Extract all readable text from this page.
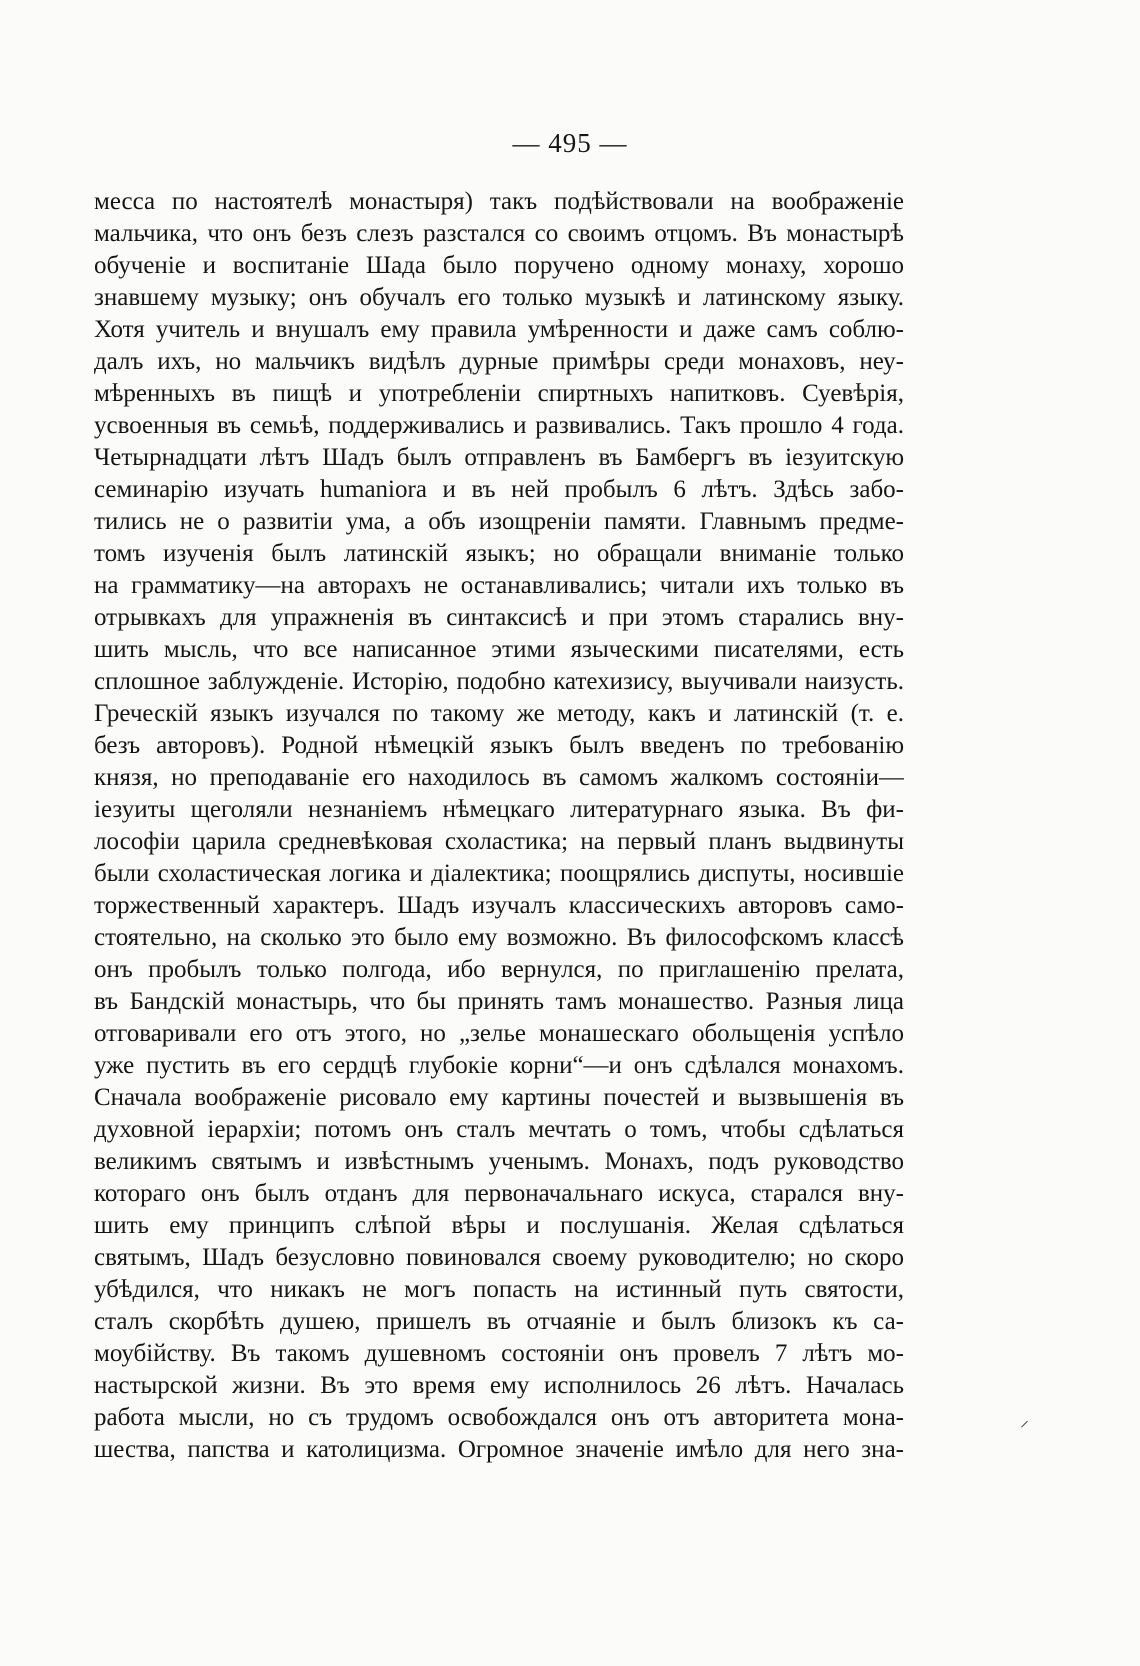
— 495 —
месса по настоятелѣ монастыря) такъ подѣйствовали на воображеніе
мальчика, что онъ безъ слезъ разстался со своимъ отцомъ. Въ монастырѣ
обученіе и воспитаніе Шада было поручено одному монаху, хорошо
знавшему музыку; онъ обучалъ его только музыкѣ и латинскому языку.
Хотя учитель и внушалъ ему правила умѣренности и даже самъ соблю-
далъ ихъ, но мальчикъ видѣлъ дурные примѣры среди монаховъ, неу-
мѣренныхъ въ пищѣ и употребленіи спиртныхъ напитковъ. Суевѣрія,
усвоенныя въ семьѣ, поддерживались и развивались. Такъ прошло 4 года.
Четырнадцати лѣтъ Шадъ былъ отправленъ въ Бамбергъ въ іезуитскую
семинарію изучать humaniora и въ ней пробылъ 6 лѣтъ. Здѣсь забо-
тились не о развитіи ума, а объ изощреніи памяти. Главнымъ предме-
томъ изученія былъ латинскій языкъ; но обращали вниманіе только
на грамматику—на авторахъ не останавливались; читали ихъ только въ
отрывкахъ для упражненія въ синтаксисѣ и при этомъ старались вну-
шить мысль, что все написанное этими языческими писателями, есть
сплошное заблужденіе. Исторію, подобно катехизису, выучивали наизусть.
Греческій языкъ изучался по такому же методу, какъ и латинскій (т. е.
безъ авторовъ). Родной нѣмецкій языкъ былъ введенъ по требованію
князя, но преподаваніе его находилось въ самомъ жалкомъ состояніи—
іезуиты щеголяли незнаніемъ нѣмецкаго литературнаго языка. Въ фи-
лософіи царила средневѣковая схоластика; на первый планъ выдвинуты
были схоластическая логика и діалектика; поощрялись диспуты, носившіе
торжественный характеръ. Шадъ изучалъ классическихъ авторовъ само-
стоятельно, на сколько это было ему возможно. Въ философскомъ классѣ
онъ пробылъ только полгода, ибо вернулся, по приглашенію прелата,
въ Бандскій монастырь, что бы принять тамъ монашество. Разныя лица
отговаривали его отъ этого, но „зелье монашескаго обольщенія успѣло
уже пустить въ его сердцѣ глубокіе корни“—и онъ сдѣлался монахомъ.
Сначала воображеніе рисовало ему картины почестей и вызвышенія въ
духовной іерархіи; потомъ онъ сталъ мечтать о томъ, чтобы сдѣлаться
великимъ святымъ и извѣстнымъ ученымъ. Монахъ, подъ руководство
котораго онъ былъ отданъ для первоначальнаго искуса, старался вну-
шить ему принципъ слѣпой вѣры и послушанія. Желая сдѣлаться
святымъ, Шадъ безусловно повиновался своему руководителю; но скоро
убѣдился, что никакъ не могъ попасть на истинный путь святости,
сталъ скорбѣть душею, пришелъ въ отчаяніе и былъ близокъ къ са-
моубійству. Въ такомъ душевномъ состояніи онъ провелъ 7 лѣтъ мо-
настырской жизни. Въ это время ему исполнилось 26 лѣтъ. Началась
работа мысли, но съ трудомъ освобождался онъ отъ авторитета мона-
шества, папства и католицизма. Огромное значеніе имѣло для него зна-
⸝
